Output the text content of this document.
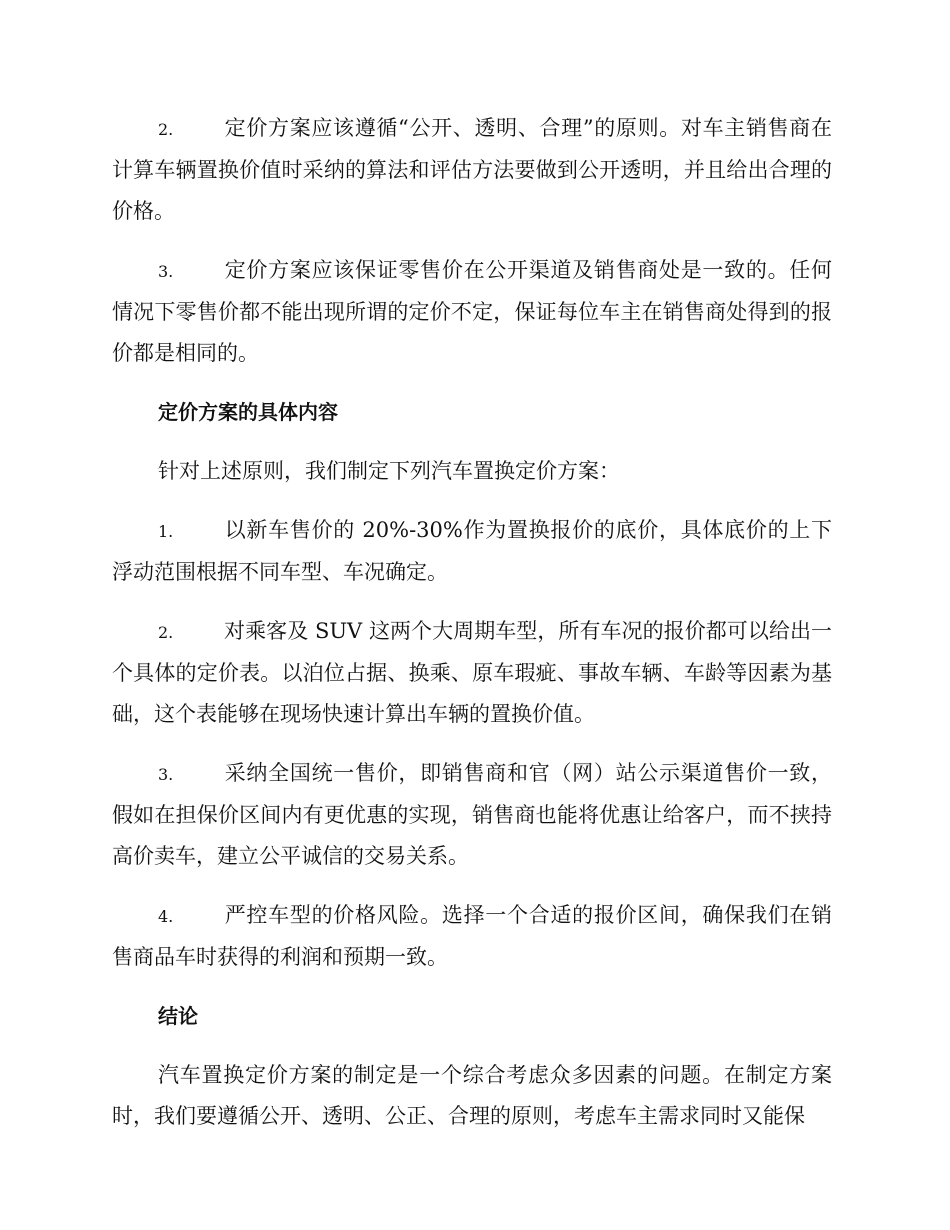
2. 定价方案应该遵循“公开、透明、合理”的原则。对车主销售商在计算车辆置换价值时采纳的算法和评估方法要做到公开透明，并且给出合理的价格。

3. 定价方案应该保证零售价在公开渠道及销售商处是一致的。任何情况下零售价都不能出现所谓的定价不定，保证每位车主在销售商处得到的报价都是相同的。

定价方案的具体内容

针对上述原则，我们制定下列汽车置换定价方案：

1. 以新车售价的 20%-30%作为置换报价的底价，具体底价的上下浮动范围根据不同车型、车况确定。

2. 对乘客及 SUV 这两个大周期车型，所有车况的报价都可以给出一个具体的定价表。以泊位占据、换乘、原车瑕疵、事故车辆、车龄等因素为基础，这个表能够在现场快速计算出车辆的置换价值。

3. 采纳全国统一售价，即销售商和官（网）站公示渠道售价一致，假如在担保价区间内有更优惠的实现，销售商也能将优惠让给客户，而不挟持高价卖车，建立公平诚信的交易关系。

4. 严控车型的价格风险。选择一个合适的报价区间，确保我们在销售商品车时获得的利润和预期一致。

结论

汽车置换定价方案的制定是一个综合考虑众多因素的问题。在制定方案时，我们要遵循公开、透明、公正、合理的原则，考虑车主需求同时又能保
